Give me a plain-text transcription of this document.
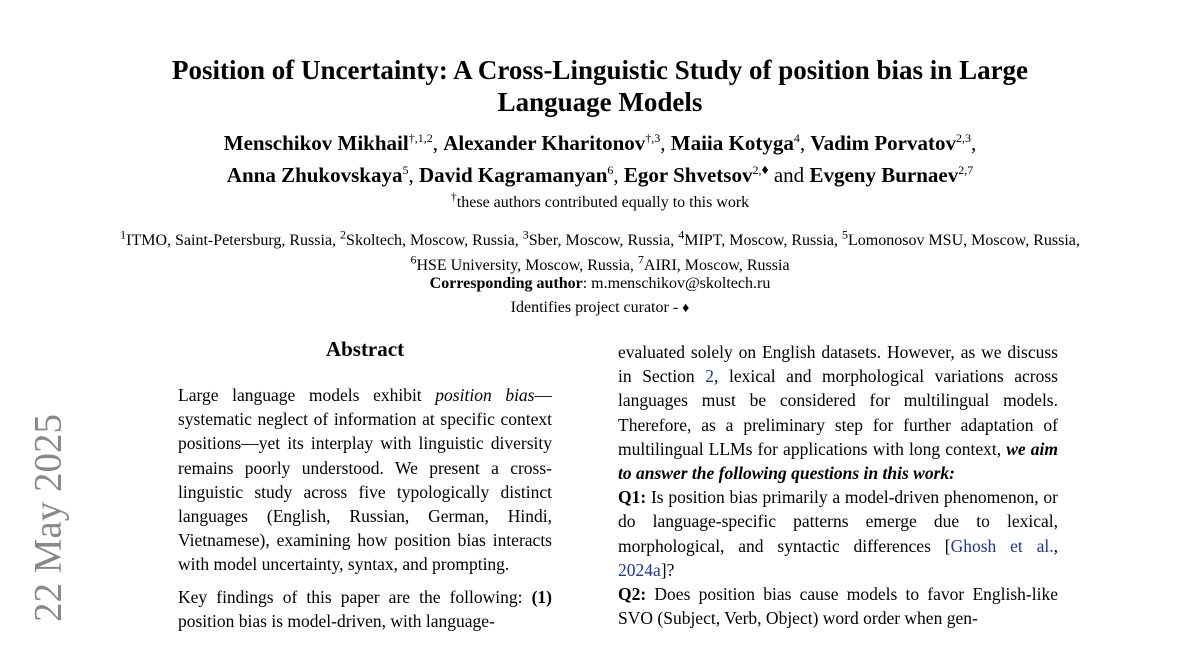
22 May 2025
Position of Uncertainty: A Cross-Linguistic Study of position bias in Large Language Models
Menschikov Mikhail$^{\dagger,1,2}$, Alexander Kharitonov$^{\dagger,3}$, Maiia Kotyga$^4$, Vadim Porvatov$^{2,3}$,
Anna Zhukovskaya$^5$, David Kagramanyan$^6$, Egor Shvetsov$^{2,♦}$ and Evgeny Burnaev$^{2,7}$
†these authors contributed equally to this work
$^1$ITMO, Saint-Petersburg, Russia, $^2$Skoltech, Moscow, Russia, $^3$Sber, Moscow, Russia, $^4$MIPT, Moscow, Russia, $^5$Lomonosov MSU, Moscow, Russia, $^6$HSE University, Moscow, Russia, $^7$AIRI, Moscow, Russia
Corresponding author: m.menschikov@skoltech.ru
Identifies project curator - ♦
Abstract

Large language models exhibit position bias—systematic neglect of information at specific context positions—yet its interplay with linguistic diversity remains poorly understood. We present a cross-linguistic study across five typologically distinct languages (English, Russian, German, Hindi, Vietnamese), examining how position bias interacts with model uncertainty, syntax, and prompting.

Key findings of this paper are the following: (1) position bias is model-driven, with language-

evaluated solely on English datasets. However, as we discuss in Section 2, lexical and morphological variations across languages must be considered for multilingual models. Therefore, as a preliminary step for further adaptation of multilingual LLMs for applications with long context, we aim to answer the following questions in this work:

Q1: Is position bias primarily a model-driven phenomenon, or do language-specific patterns emerge due to lexical, morphological, and syntactic differences [Ghosh et al., 2024a]?

Q2: Does position bias cause models to favor English-like SVO (Subject, Verb, Object) word order when gen-
